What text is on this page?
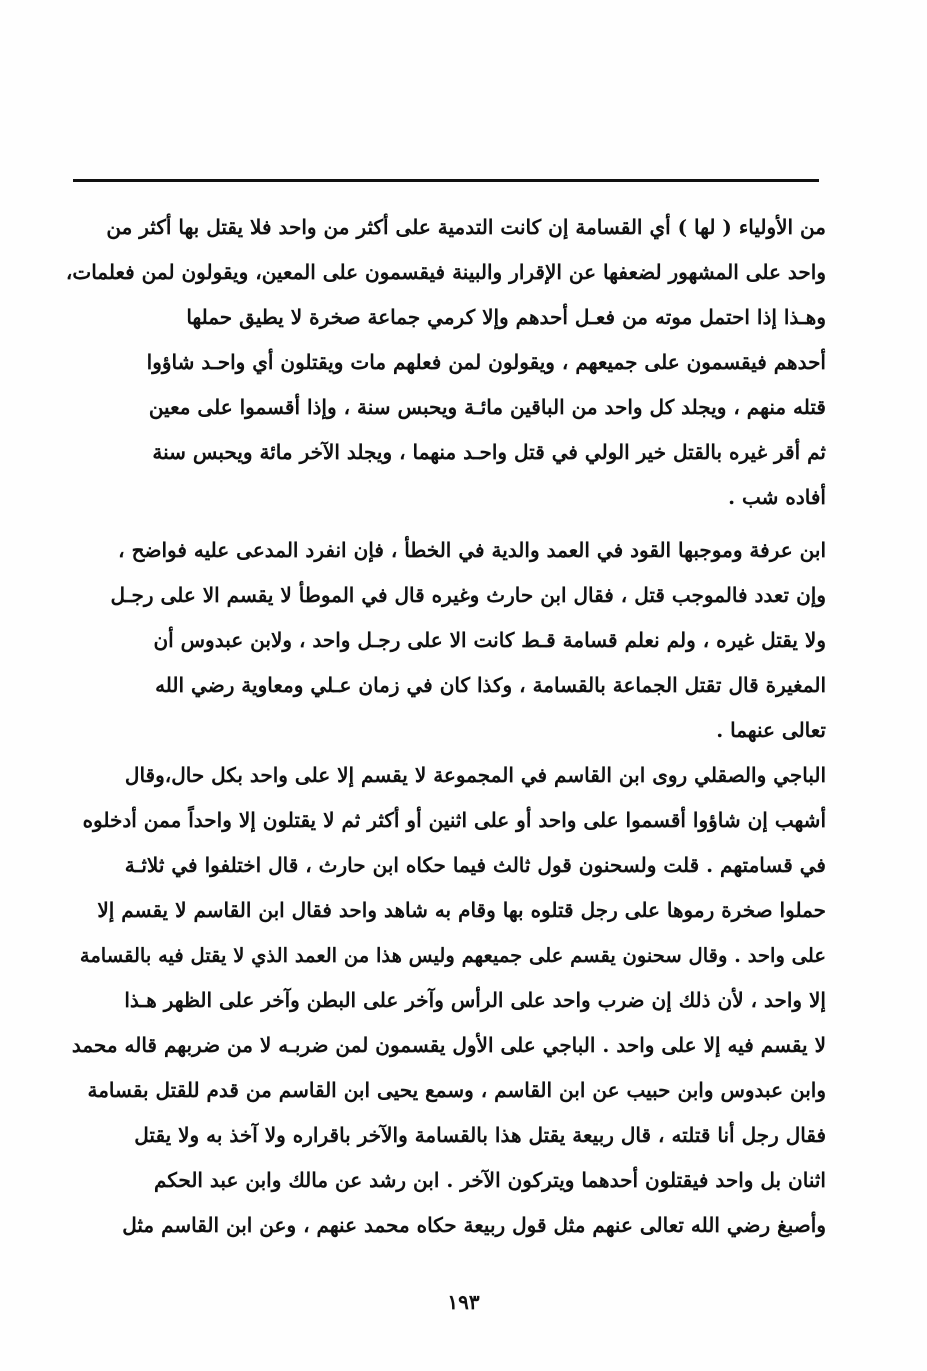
من الأولياء ( لها ) أي القسامة إن كانت التدمية على أكثر من واحد فلا يقتل بها أكثر من
واحد على المشهور لضعفها عن الإقرار والبينة فيقسمون على المعين، ويقولون لمن فعلمات،
وهـذا إذا احتمل موته من فعـل أحدهم وإلا كرمي جماعة صخرة لا يطيق حملها
أحدهم فيقسمون على جميعهم ، ويقولون لمن فعلهم مات ويقتلون أي واحـد شاؤوا
قتله منهم ، ويجلد كل واحد من الباقين مائـة ويحبس سنة ، وإذا أقسموا على معين
ثم أقر غيره بالقتل خير الولي في قتل واحـد منهما ، ويجلد الآخر مائة ويحبس سنة
أفاده شب .
ابن عرفة وموجبها القود في العمد والدية في الخطأ ، فإن انفرد المدعى عليه فواضح ،
وإن تعدد فالموجب قتل ، فقال ابن حارث وغيره قال في الموطأ لا يقسم الا على رجـل
ولا يقتل غيره ، ولم نعلم قسامة قـط كانت الا على رجـل واحد ، ولابن عبدوس أن
المغيرة قال تقتل الجماعة بالقسامة ، وكذا كان في زمان عـلي ومعاوية رضي الله
تعالى عنهما .
الباجي والصقلي روى ابن القاسم في المجموعة لا يقسم إلا على واحد بكل حال،وقال
أشهب إن شاؤوا أقسموا على واحد أو على اثنين أو أكثر ثم لا يقتلون إلا واحداً ممن أدخلوه
في قسامتهم . قلت ولسحنون قول ثالث فيما حكاه ابن حارث ، قال اختلفوا في ثلاثـة
حملوا صخرة رموها على رجل قتلوه بها وقام به شاهد واحد فقال ابن القاسم لا يقسم إلا
على واحد . وقال سحنون يقسم على جميعهم وليس هذا من العمد الذي لا يقتل فيه بالقسامة
إلا واحد ، لأن ذلك إن ضرب واحد على الرأس وآخر على البطن وآخر على الظهر هـذا
لا يقسم فيه إلا على واحد . الباجي على الأول يقسمون لمن ضربـه لا من ضربهم قاله محمد
وابن عبدوس وابن حبيب عن ابن القاسم ، وسمع يحيى ابن القاسم من قدم للقتل بقسامة
فقال رجل أنا قتلته ، قال ربيعة يقتل هذا بالقسامة والآخر باقراره ولا آخذ به ولا يقتل
اثنان بل واحد فيقتلون أحدهما ويتركون الآخر . ابن رشد عن مالك وابن عبد الحكم
وأصبغ رضي الله تعالى عنهم مثل قول ربيعة حكاه محمد عنهم ، وعن ابن القاسم مثل
١٩٣
